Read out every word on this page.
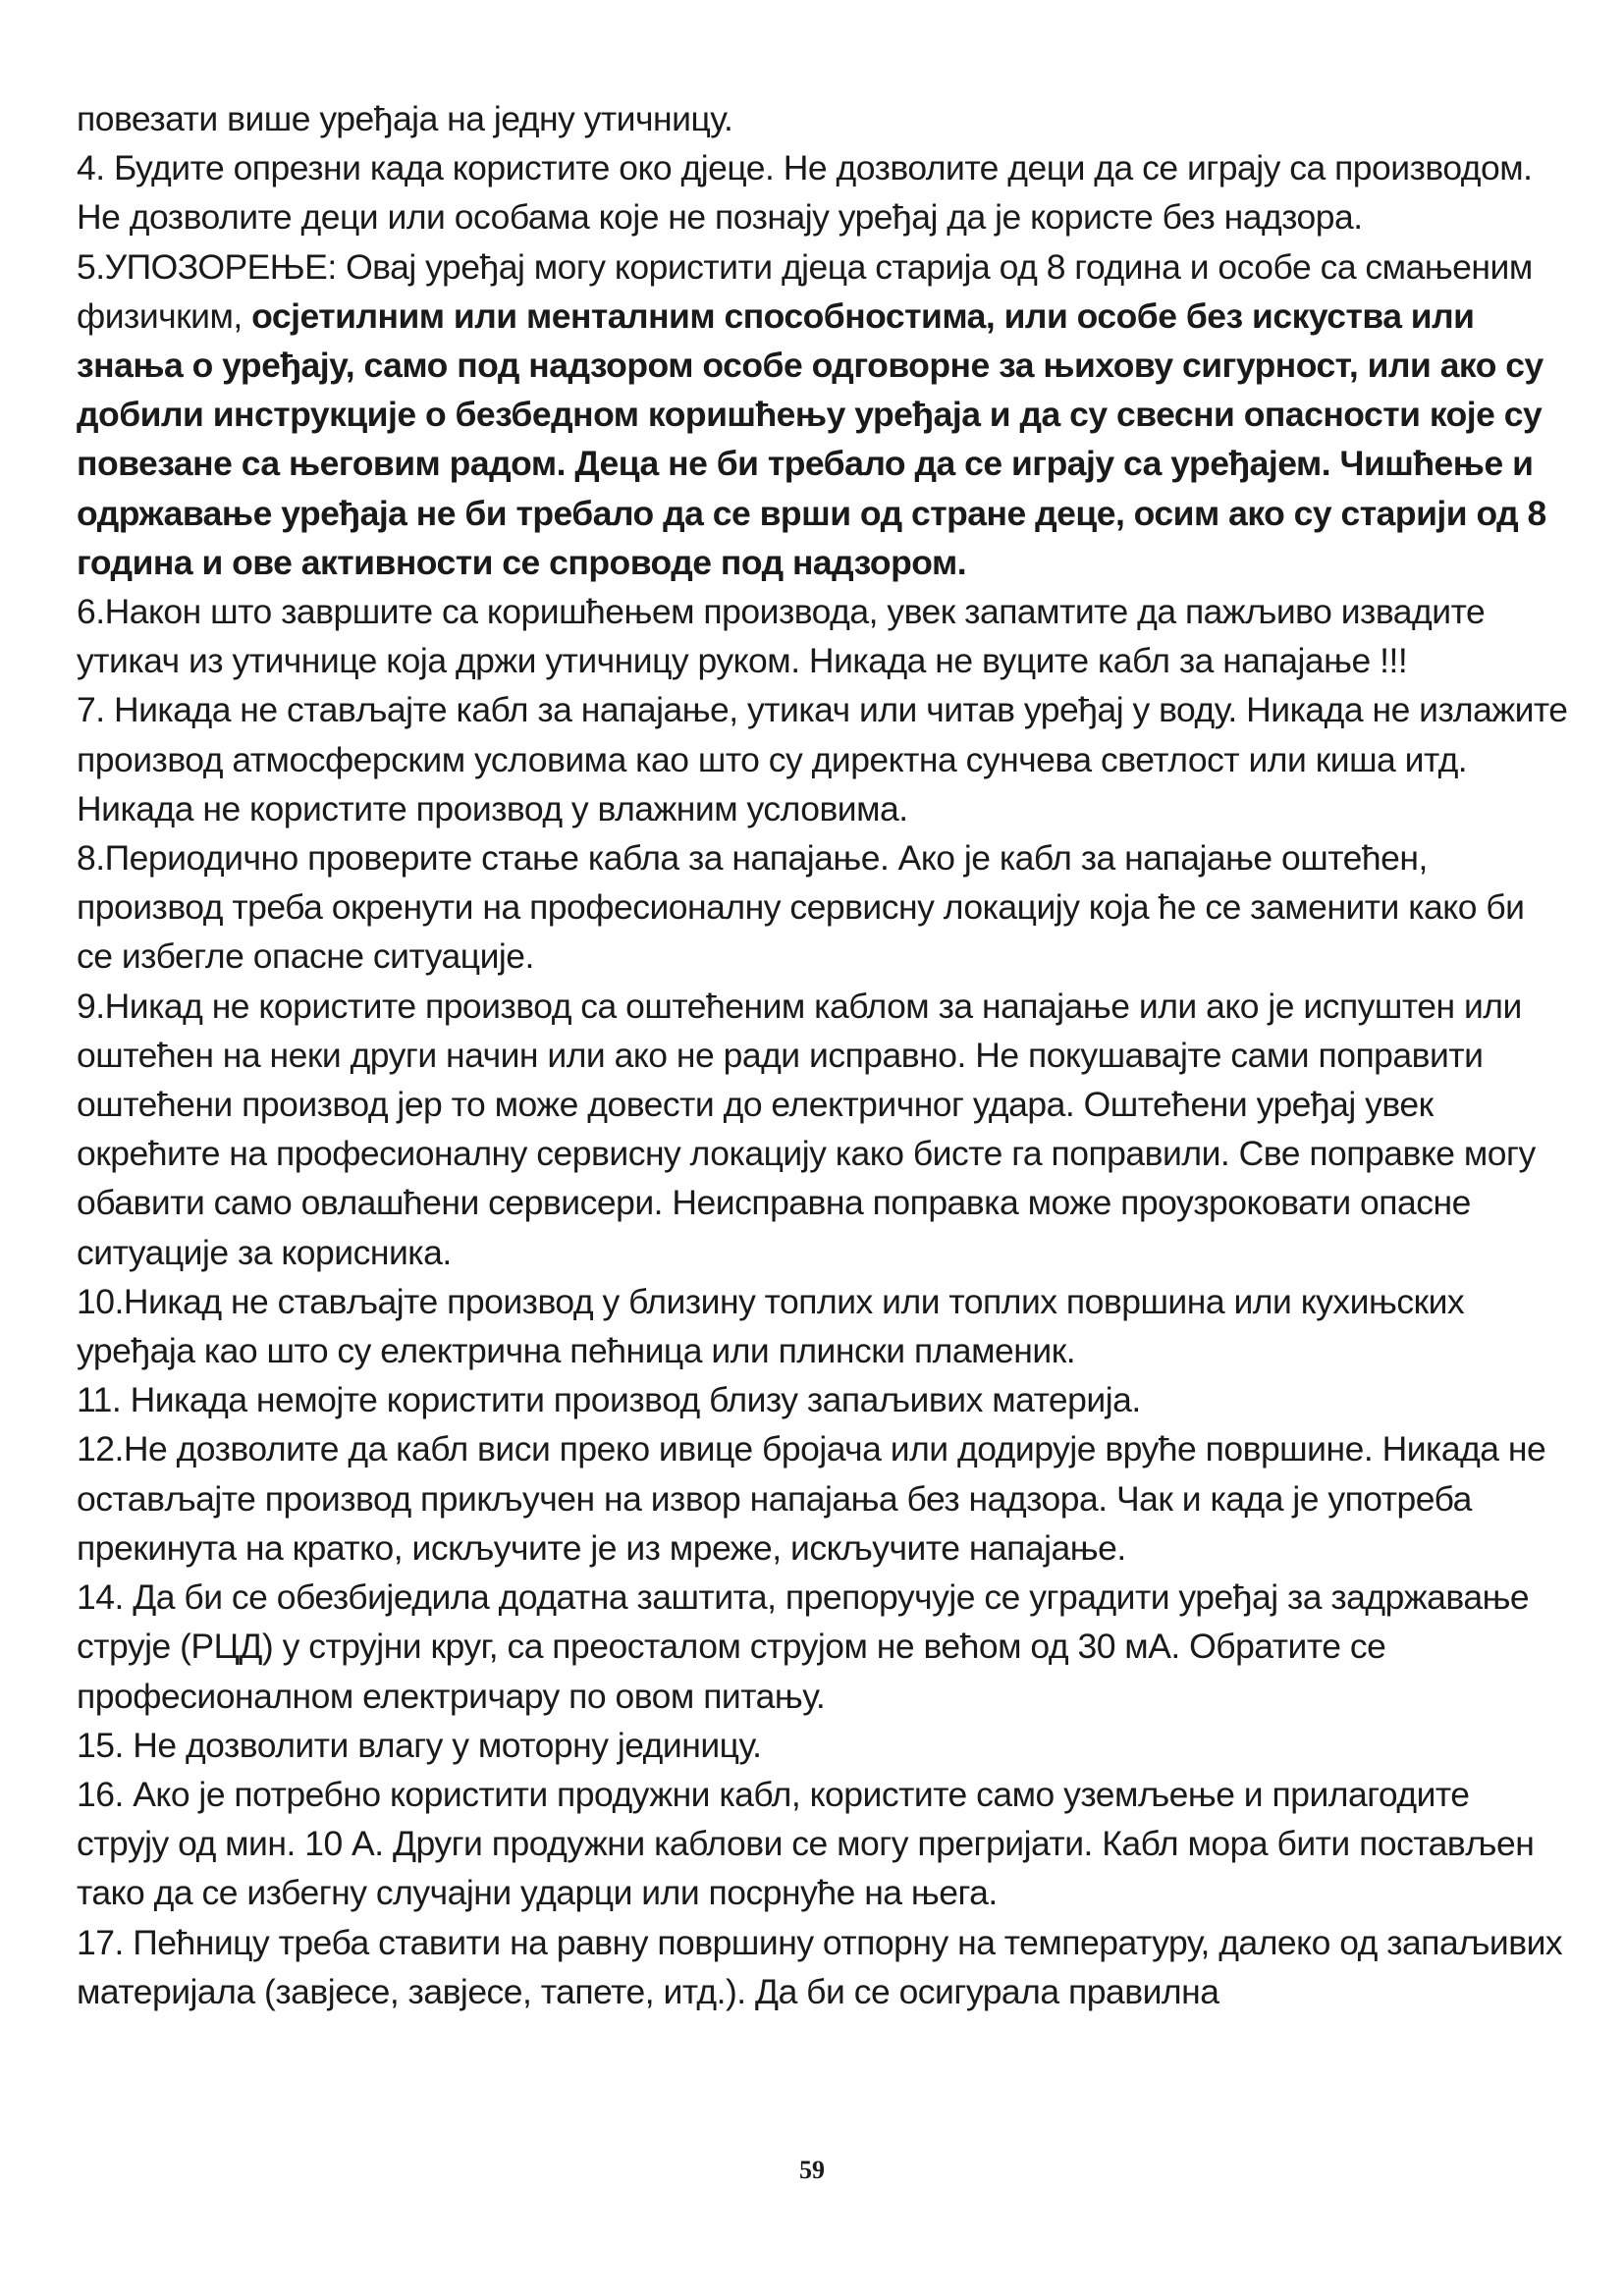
повезати више уређаја на једну утичницу.

4. Будите опрезни када користите око дјеце. Не дозволите деци да се играју са производом. Не дозволите деци или особама које не познају уређај да је користе без надзора.

5.УПОЗОРЕЊЕ: Овај уређај могу користити дјеца старија од 8 година и особе са смањеним физичким, осјетилним или менталним способностима, или особе без искуства или знања о уређају, само под надзором особе одговорне за њихову сигурност, или ако су добили инструкције о безбедном коришћењу уређаја и да су свесни опасности које су повезане са његовим радом. Деца не би требало да се играју са уређајем. Чишћење и одржавање уређаја не би требало да се врши од стране деце, осим ако су старији од 8 година и ове активности се спроводе под надзором.

6.Након што завршите са коришћењем производа, увек запамтите да пажљиво извадите утикач из утичнице која држи утичницу руком. Никада не вуците кабл за напајање !!!

7. Никада не стављајте кабл за напајање, утикач или читав уређај у воду. Никада не излажите производ атмосферским условима као што су директна сунчева светлост или киша итд. Никада не користите производ у влажним условима.

8.Периодично проверите стање кабла за напајање. Ако је кабл за напајање оштећен, производ треба окренути на професионалну сервисну локацију која ће се заменити како би се избегле опасне ситуације.

9.Никад не користите производ са оштећеним каблом за напајање или ако је испуштен или оштећен на неки други начин или ако не ради исправно. Не покушавајте сами поправити оштећени производ јер то може довести до електричног удара. Оштећени уређај увек окрећите на професионалну сервисну локацију како бисте га поправили. Све поправке могу обавити само овлашћени сервисери. Неисправна поправка може проузроковати опасне ситуације за корисника.

10.Никад не стављајте производ у близину топлих или топлих површина или кухињских уређаја као што су електрична пећница или плински пламеник.

11. Никада немојте користити производ близу запаљивих материја.

12.Не дозволите да кабл виси преко ивице бројача или додирује вруће површине. Никада не остављајте производ прикључен на извор напајања без надзора. Чак и када је употреба прекинута на кратко, искључите је из мреже, искључите напајање.

14. Да би се обезбиједила додатна заштита, препоручује се уградити уређај за задржавање струје (РЦД) у струјни круг, са преосталом струјом не већом од 30 мА. Обратите се професионалном електричару по овом питању.

15. Не дозволити влагу у моторну јединицу.

16. Ако је потребно користити продужни кабл, користите само уземљење и прилагодите струју од мин. 10 А. Други продужни каблови се могу прегријати. Кабл мора бити постављен тако да се избегну случајни ударци или посрнуће на њега.

17. Пећницу треба ставити на равну површину отпорну на температуру, далеко од запаљивих материјала (завјесе, завјесе, тапете, итд.). Да би се осигурала правилна

59
